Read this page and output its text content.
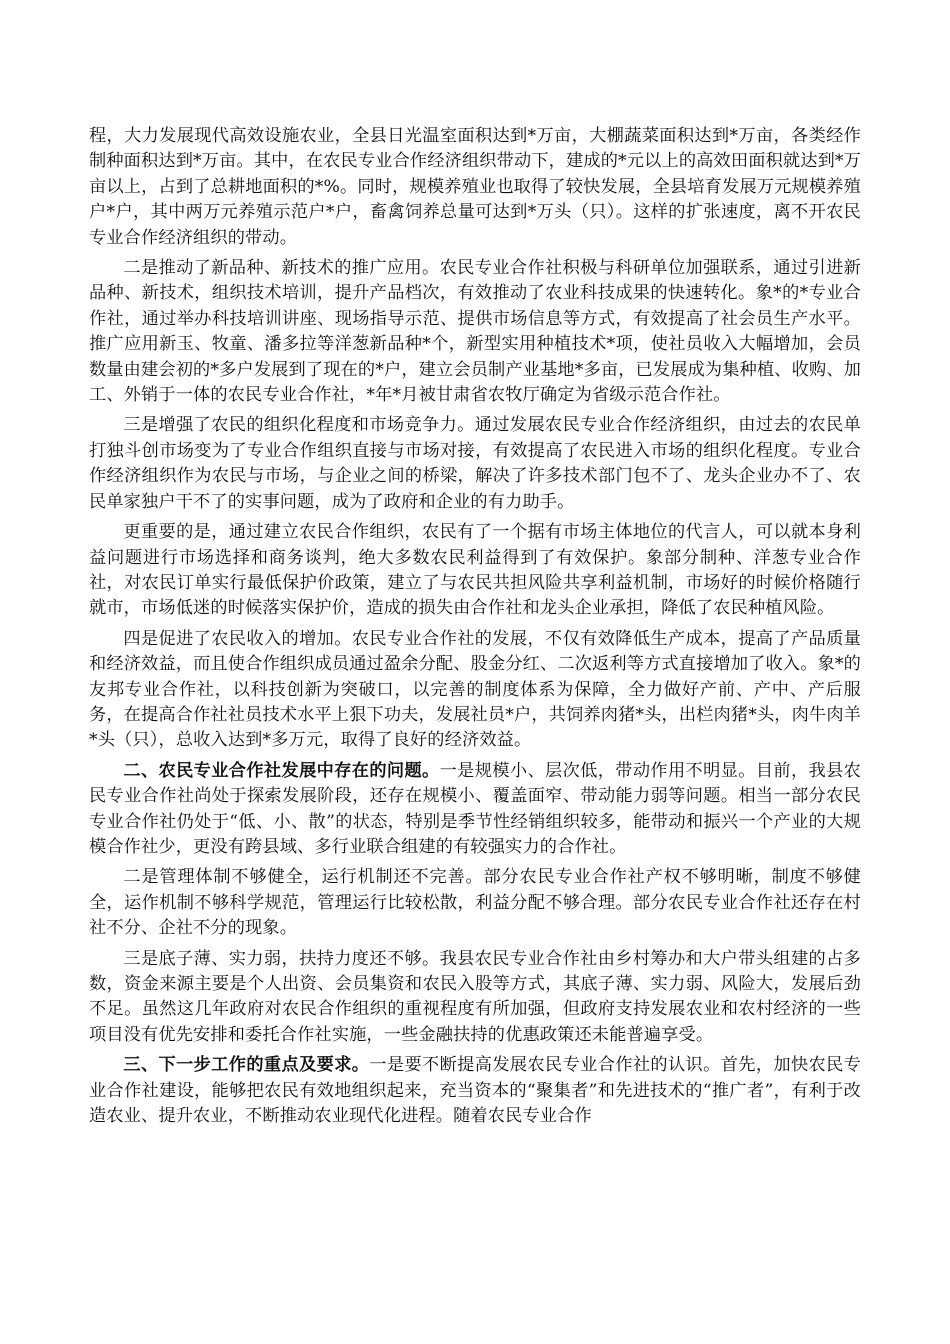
程，大力发展现代高效设施农业，全县日光温室面积达到*万亩，大棚蔬菜面积达到*万亩，各类经作制种面积达到*万亩。其中，在农民专业合作经济组织带动下，建成的*元以上的高效田面积就达到*万亩以上，占到了总耕地面积的*%。同时，规模养殖业也取得了较快发展，全县培育发展万元规模养殖户*户，其中两万元养殖示范户*户，畜禽饲养总量可达到*万头（只）。这样的扩张速度，离不开农民专业合作经济组织的带动。

二是推动了新品种、新技术的推广应用。农民专业合作社积极与科研单位加强联系，通过引进新品种、新技术，组织技术培训，提升产品档次，有效推动了农业科技成果的快速转化。象*的*专业合作社，通过举办科技培训讲座、现场指导示范、提供市场信息等方式，有效提高了社会员生产水平。推广应用新玉、牧童、潘多拉等洋葱新品种*个，新型实用种植技术*项，使社员收入大幅增加，会员数量由建会初的*多户发展到了现在的*户，建立会员制产业基地*多亩，已发展成为集种植、收购、加工、外销于一体的农民专业合作社，*年*月被甘肃省农牧厅确定为省级示范合作社。

三是增强了农民的组织化程度和市场竞争力。通过发展农民专业合作经济组织，由过去的农民单打独斗创市场变为了专业合作组织直接与市场对接，有效提高了农民进入市场的组织化程度。专业合作经济组织作为农民与市场，与企业之间的桥梁，解决了许多技术部门包不了、龙头企业办不了、农民单家独户干不了的实事问题，成为了政府和企业的有力助手。

更重要的是，通过建立农民合作组织，农民有了一个据有市场主体地位的代言人，可以就本身利益问题进行市场选择和商务谈判，绝大多数农民利益得到了有效保护。象部分制种、洋葱专业合作社，对农民订单实行最低保护价政策，建立了与农民共担风险共享利益机制，市场好的时候价格随行就市，市场低迷的时候落实保护价，造成的损失由合作社和龙头企业承担，降低了农民种植风险。

四是促进了农民收入的增加。农民专业合作社的发展，不仅有效降低生产成本，提高了产品质量和经济效益，而且使合作组织成员通过盈余分配、股金分红、二次返利等方式直接增加了收入。象*的友邦专业合作社，以科技创新为突破口，以完善的制度体系为保障，全力做好产前、产中、产后服务，在提高合作社社员技术水平上狠下功夫，发展社员*户，共饲养肉猪*头，出栏肉猪*头，肉牛肉羊*头（只），总收入达到*多万元，取得了良好的经济效益。

二、农民专业合作社发展中存在的问题。一是规模小、层次低，带动作用不明显。目前，我县农民专业合作社尚处于探索发展阶段，还存在规模小、覆盖面窄、带动能力弱等问题。相当一部分农民专业合作社仍处于“低、小、散”的状态，特别是季节性经销组织较多，能带动和振兴一个产业的大规模合作社少，更没有跨县域、多行业联合组建的有较强实力的合作社。

二是管理体制不够健全，运行机制还不完善。部分农民专业合作社产权不够明晰，制度不够健全，运作机制不够科学规范，管理运行比较松散，利益分配不够合理。部分农民专业合作社还存在村社不分、企社不分的现象。

三是底子薄、实力弱，扶持力度还不够。我县农民专业合作社由乡村筹办和大户带头组建的占多数，资金来源主要是个人出资、会员集资和农民入股等方式，其底子薄、实力弱、风险大，发展后劲不足。虽然这几年政府对农民合作组织的重视程度有所加强，但政府支持发展农业和农村经济的一些项目没有优先安排和委托合作社实施，一些金融扶持的优惠政策还未能普遍享受。

三、下一步工作的重点及要求。一是要不断提高发展农民专业合作社的认识。首先，加快农民专业合作社建设，能够把农民有效地组织起来，充当资本的“聚集者”和先进技术的“推广者”，有利于改造农业、提升农业，不断推动农业现代化进程。随着农民专业合作
